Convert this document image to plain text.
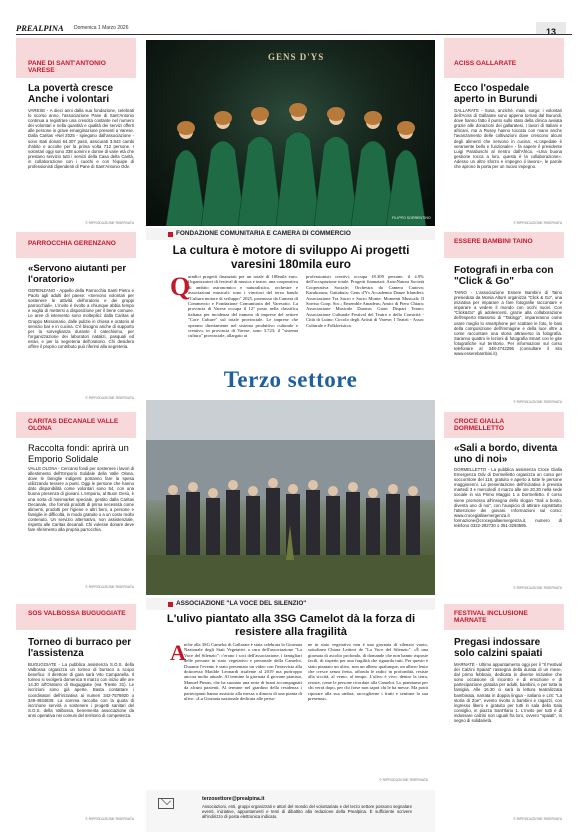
PREALPINA Domenica 1 Marzo 2026	13
PANE DI SANT'ANTONIO VARESE
La povertà cresce Anche i volontari
VARESE - A dieci anni dalla sua fondazione, celebrati lo scorso anno, l'associazione Pane di Sant'Antonio continua a registrare una crescita costante nel numero dei volontari e nella quantità e qualità dei servizi offerti alle persone in grave emarginazione presenti a Varese. Dalla Caritas «Nel 2025 - spiegano dall'associazione - sono stati donati 64.307 pasti, assicurati 3.843 cambi d'abito e accolte per la prima volta 712 persone. I volontari oggi sono 338 uomini e donne di varie età che prestano servizio tutti i servizi della Casa della Carità, in collaborazione con i cuochi e con l'équipe di professionisti dipendenti di Pane di Sant'Antonio Odv.
© RIPRODUZIONE RISERVATA
PARROCCHIA GERENZANO
«Servono aiutanti per l'oratorio»
GERENZANO - Appello della Parrocchia Santi Pietro e Paolo agli adulti del paese: «Servono volontari per sostenere le attività dell'oratorio e dei gruppi parrocchiali». L'invito è rivolto a chiunque abbia tempo e voglia di mettersi a disposizione per il bene comune. Le aree di intervento sono molteplici: dalla Caritas al Gruppo Missionario, dalle pulizie in chiesa e oratorio al servizio bar e in cucina. C'è bisogno anche di supporto per la sorveglianza durante il catechismo, per l'organizzazione dei laboratori natalizi, pasquali ed estivi, e per la segreteria dell'oratorio. Chi desidera offrire il proprio contributo può riferirsi alla segreteria.
© RIPRODUZIONE RISERVATA
CARITAS DECANALE VALLE OLONA
Raccolta fondi: aprirà un Emporio Solidale
VALLE OLONA - Cercansi fondi per sostenere i lavori di allestimento dell'Emporio Solidale della Valle Olona, dove le famiglie indigenti potranno fare la spesa utilizzando tessere a punti. Oggi le persone che hanno dato disponibilità come volontari sono 54, con una buona presenza di giovani. L'emporio, al Buon Gesù, è una sorta di minimarket speciale, gestito dalla Caritas Decanale, che fornirà prodotti di prima necessità come alimenti, prodotti per l'igiene e altri beni, a persone e famiglie in difficoltà, in modo gratuito o a un costo molto contenuto. Un servizio alternativo, non assistenziale, rispetto alle Caritas decanali. Chi volesse donare deve fare riferimento alla propria parrocchia.
© RIPRODUZIONE RISERVATA
SOS VALBOSSA BUGUGGIATE
Torneo di burraco per l'assistenza
BUGUGGIATE - La pubblica assistenza S.O.S. della Valbossa organizza un torneo di burraco a scopo benefico. Il direttore di gara sarà Vito Campanella. Il torneo si svolgerà domenica 8 marzo con inizio alle ore 14.30 all'Oratorio di Buguggiate (via Trieste 31). Le iscrizioni sono già aperte. Basta contattare i coordinatori dell'iniziativa ai numeri 342-7576920 o 349-4934839. La somma raccolta con la quota di iscrizione servirà a sostenere i progetti sanitari del S.O.S. della Valbossa, benemerita associazione da anni operativa nei comuni del territorio di competenza.
© RIPRODUZIONE RISERVATA
ACISS GALLARATE
Ecco l'ospedale aperto in Burundi
GALLARATE - Sosa, anziché, mais, sorgo: i volontari dell'Aciss di Gallarate sono appena tornati dal Burundi, dove hanno fatto il punto sullo stato della clinica avviata grazie alle donazioni dei gallaratesi. I lavori di Italiani e africani, ma a Rusey hanno toccato con mano anche l'avanzamento delle coltivazioni dove crescono alcuni degli alimenti che servono in cucina. «L'ospedale è veramente bello e funzionale» - fa sapere il presidente Luigi Paraboschi al rientro dall'Africa. «Una buona gestione tocca a loro, questa è la collaborazione». Adesso un altro sforzo e impegno il lavoro», le parole che aprono la porta per un nuovo impegno.
© RIPRODUZIONE RISERVATA
ESSERE BAMBINI TAINO
Fotografi in erba con "Click & Go"
TAINO - L'associazione Essere Bambini di Taino presieduta da Monia Alturri organizza "Click & Go", una iniziativa per imparare a fare fotografie raccontare e imparare a vedere il mondo con occhi nuovi. Con "Click&Go" gli adolescenti, grazie alla collaborazione dell'esperto Massimo di "Takingp", impareranno come usare meglio lo smartphone per scattare le foto, le basi della composizione dell'immagine e della luce oltre a come raccontare una storia attraverso la fotografia. Saranno quattro le lezioni di fotografia Smart con le gite fotografiche sul territorio. Per informazioni sul corso telefonare al 348-4742296 (consultare il sito www.esserebambini.it).
© RIPRODUZIONE RISERVATA
CROCE GIALLA DORMELLETTO
«Sali a bordo, diventa uno di noi»
DORMELLETTO - La pubblica assistenza Croce Gialla Emergenza Odv di Dormelletto organizza un corso per soccorritore del 118, gratuito e aperto a tutte le persone maggiorenni. La presentazione dell'iniziativa è prevista martedì 3 e mercoledì 4 marzo alle ore 20.30 nella sede sociale in via Primo Maggio 1 a Dormelletto. Il corso viene promosso all'insegna dello slogan "Sali a bordo, diventa uno di noi", con l'auspicio di attirare soprattutto l'attenzione dei giovani. Informazioni sul corso: www.crocegiallaemergenza.it - formazione@crocegiallaemergenza.it, numero di telefono 0322-282730 o 351-3293595.
© RIPRODUZIONE RISERVATA
FESTIVAL INCLUSIONE MARNATE
Pregasi indossare solo calzini spaiati
MARNATE - Ultimo appuntamento oggi per il "Il Festival dei Calzini Spaiati" rassegna della durata di un mese, dal primo febbraio, dedicata in diverse iniziative che sono occasione di incontro e di emozione e di partecipazione gratuita per adulti, bambini, e per tutta la famiglia. Alle 16.30 ci sarà la lettura teatralizzata bambinata, narrata in doppia lingua - italiano e LIS: "La storia di Zoe", evento rivolto a bambini e ragazzi, con ingresso libero e gratuito per tutti in sala della Sala consiglio, in piazza Sant'Ilario 1. L'invito per tutti è di indossare calzini non uguali fra loro, ovvero "spaiati", in segno di solidarietà.
© RIPRODUZIONE RISERVATA
GENS D'YS
FILIPPO SORRENTINO
FONDAZIONE COMUNITARIA E CAMERA DI COMMERCIO
La cultura è motore di sviluppo Ai progetti varesini 180mila euro
Q
uindici progetti finanziati per un totale di 180mila euro. Organizzatori di festival di musica e teatro, una cooperativa di ambito astronomico e naturalistico, orchestre e associazioni musicali: sono i vincitori del terzo bando "Cultura motore di sviluppo" 2025, promosso da Camera di Commercio e Fondazione Comunitaria del Varesotto. La provincia di Varese occupa il 12° posto nella classifica italiana per incidenza del numero di imprese del settore "Core Culture" sul totale provinciale. Le imprese che operano direttamente nel sistema produttivo culturale e creativo, in provincia di Varese, sono 3.723; il "sistema cultura" provinciale, allargato ai
professionisti creativi, occupa 18.309 persone, il 4.9% dell'occupazione totale. Progetti finanziati: AstroNatura Società Cooperativa Sociale; Orchestra da Camera Canova; Karakorum; Gattabuia; Gens d'Ys Accademia Danze Irlandesi; Associazione Tra Sacro e Sacro Monte; Momenti Musicali; Il Sorriso Coop. Soc.; Ensemble Amadeus; Amici di Piero Chiara; Associazione Musicale Duomo; Gioni Dispari Teatro; Associazione Culturale Festival del Teatro e della Comicità - Città di Luino; Circolo degli Artisti di Varese; I Teatrit - Assoc Culturale e Folkloristica.
Terzo settore
ASSOCIAZIONE "LA VOCE DEL SILENZIO"
L'ulivo piantato alla 3SG Camelot dà la forza di resistere alla fragilità
A
nche alla 3SG Camelot di Gallarate è stata celebrata la Giornata Nazionale degli Stati Vegetativi a cura dell'associazione "La Voce del Silenzio": c'erano i soci dell'associazione, i famigliari delle persone in stato vegetativo e personale della Camelot. Durante l'evento è stato presentato un video con l'intervista alla dottoressa Matilde Leonardi risalente al 2019 ma purtroppo ancora molto attuale. Al termine la giornata il giovane pianista, Manuel Pintus, che ha suonato una serie di brani accompagnati da alcuni pazienti. Al termine nel giardino della residenza i partecipanti hanno assistito alla messa a dimora di una pianta di ulivo. «La Giornata nazionale dedicata alle perso-
ne in stato vegetativo non è una giornata di silenzio vuoto, sottolinea Chiara Lettieri de "La Voce del Silenzio". «È una giornata di ascolto profondo, di domande che non hanno risposte facili, di rispetto per una fragilità che riguarda tutti. Per questo è stato piantato un ulivo, non un albero qualunque, un albero lento che cresce senza fretta, affonda le radici in profondità, resiste alla siccità, al vento, al tempo. L'ulivo è vivo, dentro la terra, resiste, come le persone ricordate alla Camelot. Lo piantiamo per chi verrà dopo, per chi forse non saprà chi le ha messe. Ma potrà riposare alla sua ombra, raccoglierne i frutti e sentirne la sua presenza».
© RIPRODUZIONE RISERVATA
terzosettore@prealpina.it
Associazioni, enti, gruppi organizzati e attori del mondo del volontariato e del terzo settore possono segnalare eventi, iniziative, appuntamenti e temi di dibattito alla redazione della Prealpina. È sufficiente scrivere all'indirizzo di posta elettronica indicato.
